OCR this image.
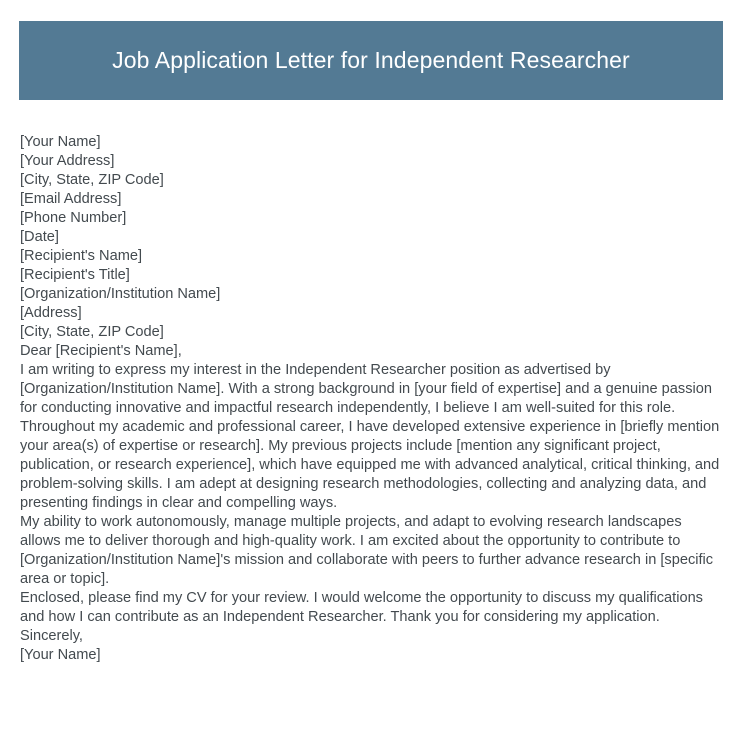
Job Application Letter for Independent Researcher
[Your Name]
[Your Address]
[City, State, ZIP Code]
[Email Address]
[Phone Number]
[Date]
[Recipient's Name]
[Recipient's Title]
[Organization/Institution Name]
[Address]
[City, State, ZIP Code]
Dear [Recipient's Name],

I am writing to express my interest in the Independent Researcher position as advertised by [Organization/Institution Name]. With a strong background in [your field of expertise] and a genuine passion for conducting innovative and impactful research independently, I believe I am well-suited for this role.

Throughout my academic and professional career, I have developed extensive experience in [briefly mention your area(s) of expertise or research]. My previous projects include [mention any significant project, publication, or research experience], which have equipped me with advanced analytical, critical thinking, and problem-solving skills. I am adept at designing research methodologies, collecting and analyzing data, and presenting findings in clear and compelling ways.

My ability to work autonomously, manage multiple projects, and adapt to evolving research landscapes allows me to deliver thorough and high-quality work. I am excited about the opportunity to contribute to [Organization/Institution Name]'s mission and collaborate with peers to further advance research in [specific area or topic].

Enclosed, please find my CV for your review. I would welcome the opportunity to discuss my qualifications and how I can contribute as an Independent Researcher. Thank you for considering my application.

Sincerely,
[Your Name]
